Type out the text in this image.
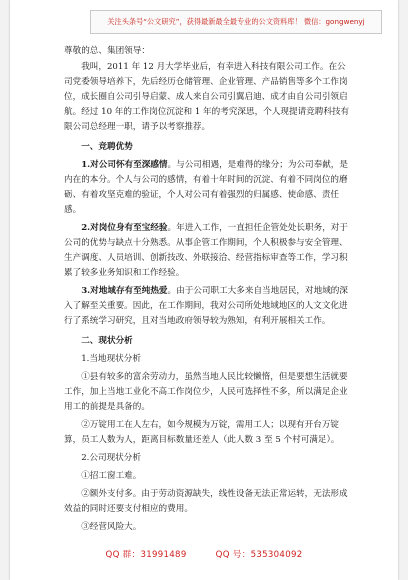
关注头条号“公文研究”，获得最新最全最专业的公文资料库！ 微信：gongwenyj

尊敬的总、集团领导：

我叫，2011 年 12 月大学毕业后，有幸进入科技有限公司工作。在公司党委领导培养下，先后经历仓储管理、企业管理、产品销售等多个工作岗位，成长圈自公司引导启蒙、成人来自公司引翼启迪、成才由自公司引领启航。经过 10 年的工作岗位沉淀和 1 年的考究深思，个人现提请竞聘科技有限公司总经理一职，请予以考察推荐。

一、竞聘优势

1.对公司怀有至深感情。与公司相遇，是难得的缘分；为公司奉献，是内在的本分。个人与公司的感情，有着十年时间的沉淀、有着不同岗位的磨砺、有着攻坚克难的验证，个人对公司有着强烈的归属感、使命感、责任感。

2.对岗位身有至宝经验。年进入工作，一直担任企管处处长职务，对于公司的优势与缺点十分熟悉。从事企管工作期间，个人积极参与安全管理、生产调度、人员培训、创新技改、外联接洽、经营指标审查等工作，学习积累了较多业务知识和工作经验。

3.对地域存有至纯热爱。由于公司职工大多来自当地居民，对地域的深入了解至关重要。因此，在工作期间，我对公司所处地域地区的人文文化进行了系统学习研究，且对当地政府领导较为熟知，有利开展相关工作。

二、现状分析

1.当地现状分析

①县有较多的富余劳动力，虽然当地人民比较懒惰，但是要想生活就要工作，加上当地工业化不高工作岗位少，人民可选择性不多，所以满足企业用工的前提是具备的。

②万锭用工在人左右，如今规模为万锭，需用工人；以现有开台万锭算，员工人数为人，距离目标数量还差人（此人数 3 至 5 个村可满足）。

2.公司现状分析

①招工窗工难。

②额外支付多。由于劳动资源缺失，线性设备无法正常运转，无法形成效益的同时还要支付相应的费用。

③经营风险大。

QQ 群：31991489	QQ 号：535304092
